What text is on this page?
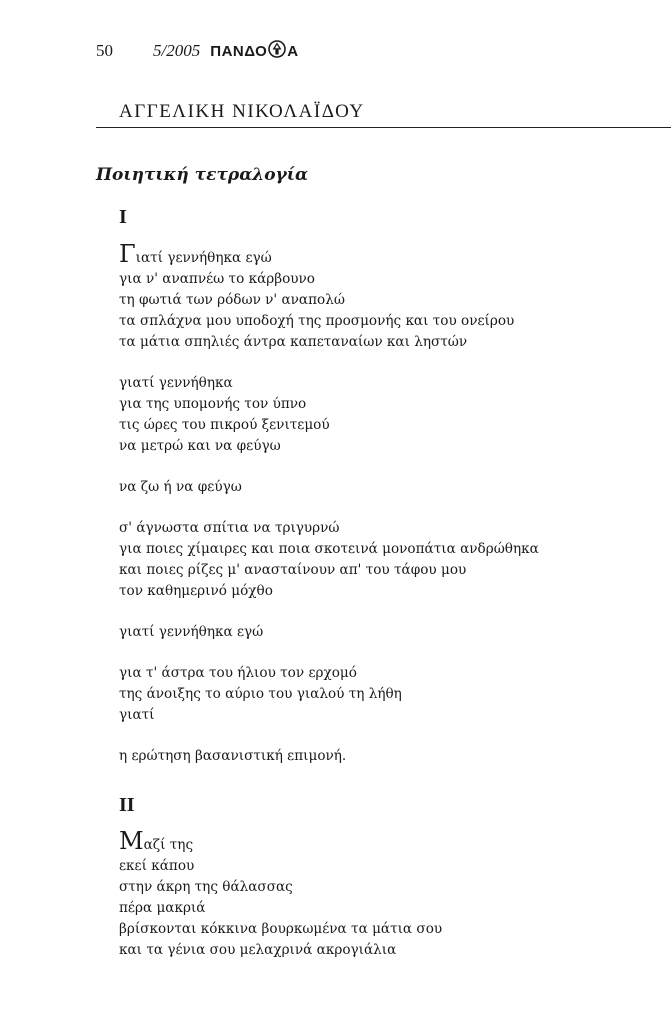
50 5/2005 ΠΑΝΔΟ Α
ΑΓΓΕΛΙΚΗ ΝΙΚΟΛΑΪΔΟΥ
Ποιητική τετραλογία
I
Γιατί γεννήθηκα εγώ
για ν' αναπνέω το κάρβουνο
τη φωτιά των ρόδων ν' αναπολώ
τα σπλάχνα μου υποδοχή της προσμονής και του ονείρου
τα μάτια σπηλιές άντρα καπεταναίων και ληστών
γιατί γεννήθηκα
για της υπομονής τον ύπνο
τις ώρες του πικρού ξενιτεμού
να μετρώ και να φεύγω
να ζω ή να φεύγω
σ' άγνωστα σπίτια να τριγυρνώ
για ποιες χίμαιρες και ποια σκοτεινά μονοπάτια ανδρώθηκα
και ποιες ρίζες μ' ανασταίνουν απ' του τάφου μου
τον καθημερινό μόχθο
γιατί γεννήθηκα εγώ
για τ' άστρα του ήλιου τον ερχομό
της άνοιξης το αύριο του γιαλού τη λήθη
γιατί
η ερώτηση βασανιστική επιμονή.
II
Μαζί της
εκεί κάπου
στην άκρη της θάλασσας
πέρα μακριά
βρίσκονται κόκκινα βουρκωμένα τα μάτια σου
και τα γένια σου μελαχρινά ακρογιάλια
